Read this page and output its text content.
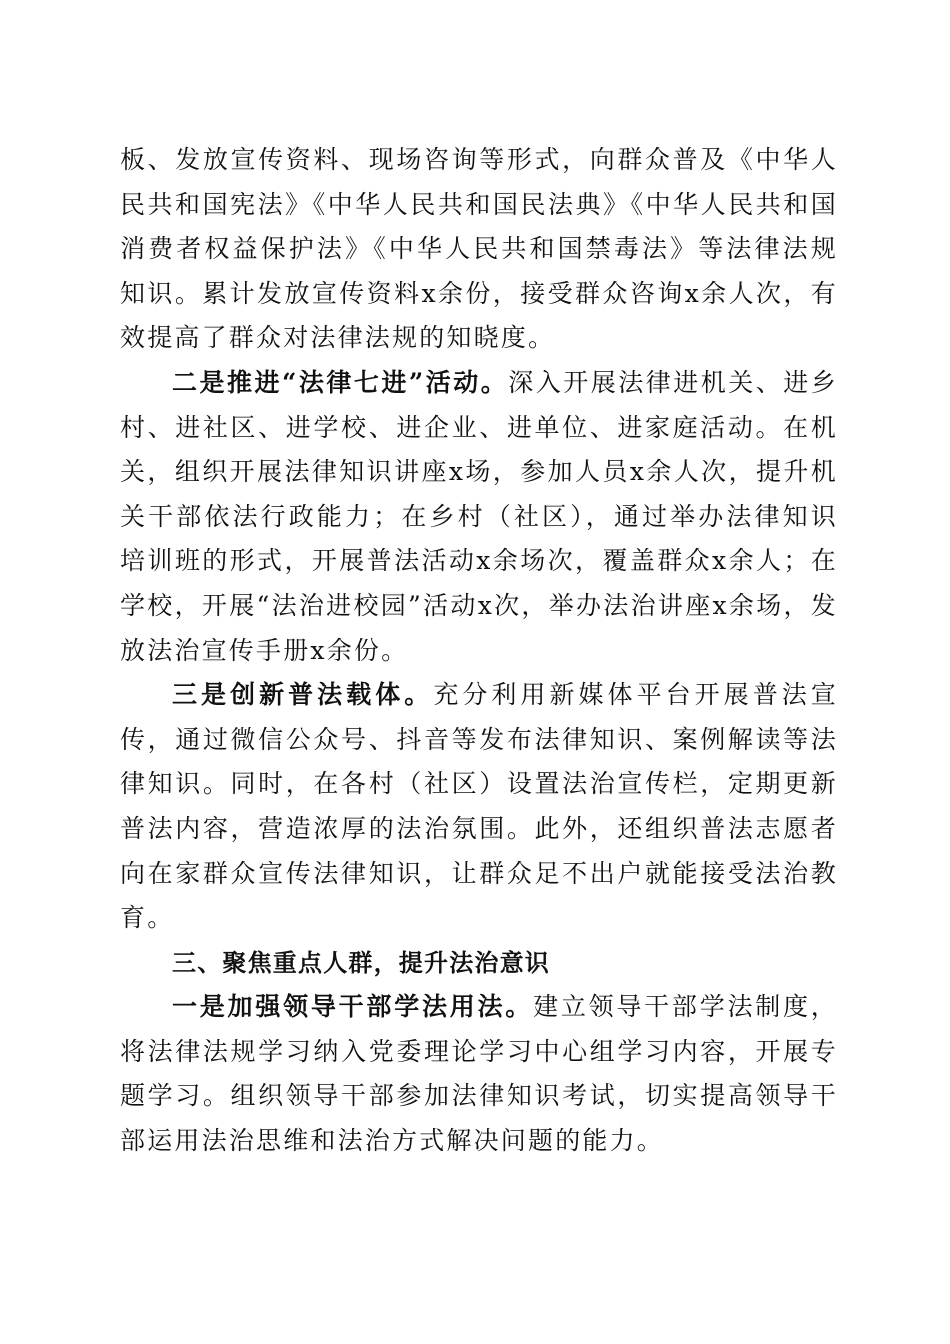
板、发放宣传资料、现场咨询等形式，向群众普及《中华人民共和国宪法》《中华人民共和国民法典》《中华人民共和国消费者权益保护法》《中华人民共和国禁毒法》等法律法规知识。累计发放宣传资料x余份，接受群众咨询x余人次，有效提高了群众对法律法规的知晓度。

二是推进“法律七进”活动。深入开展法律进机关、进乡村、进社区、进学校、进企业、进单位、进家庭活动。在机关，组织开展法律知识讲座x场，参加人员x余人次，提升机关干部依法行政能力；在乡村（社区），通过举办法律知识培训班的形式，开展普法活动x余场次，覆盖群众x余人；在学校，开展“法治进校园”活动x次，举办法治讲座x余场，发放法治宣传手册x余份。

三是创新普法载体。充分利用新媒体平台开展普法宣传，通过微信公众号、抖音等发布法律知识、案例解读等法律知识。同时，在各村（社区）设置法治宣传栏，定期更新普法内容，营造浓厚的法治氛围。此外，还组织普法志愿者向在家群众宣传法律知识，让群众足不出户就能接受法治教育。

三、聚焦重点人群，提升法治意识

一是加强领导干部学法用法。建立领导干部学法制度，将法律法规学习纳入党委理论学习中心组学习内容，开展专题学习。组织领导干部参加法律知识考试，切实提高领导干部运用法治思维和法治方式解决问题的能力。
